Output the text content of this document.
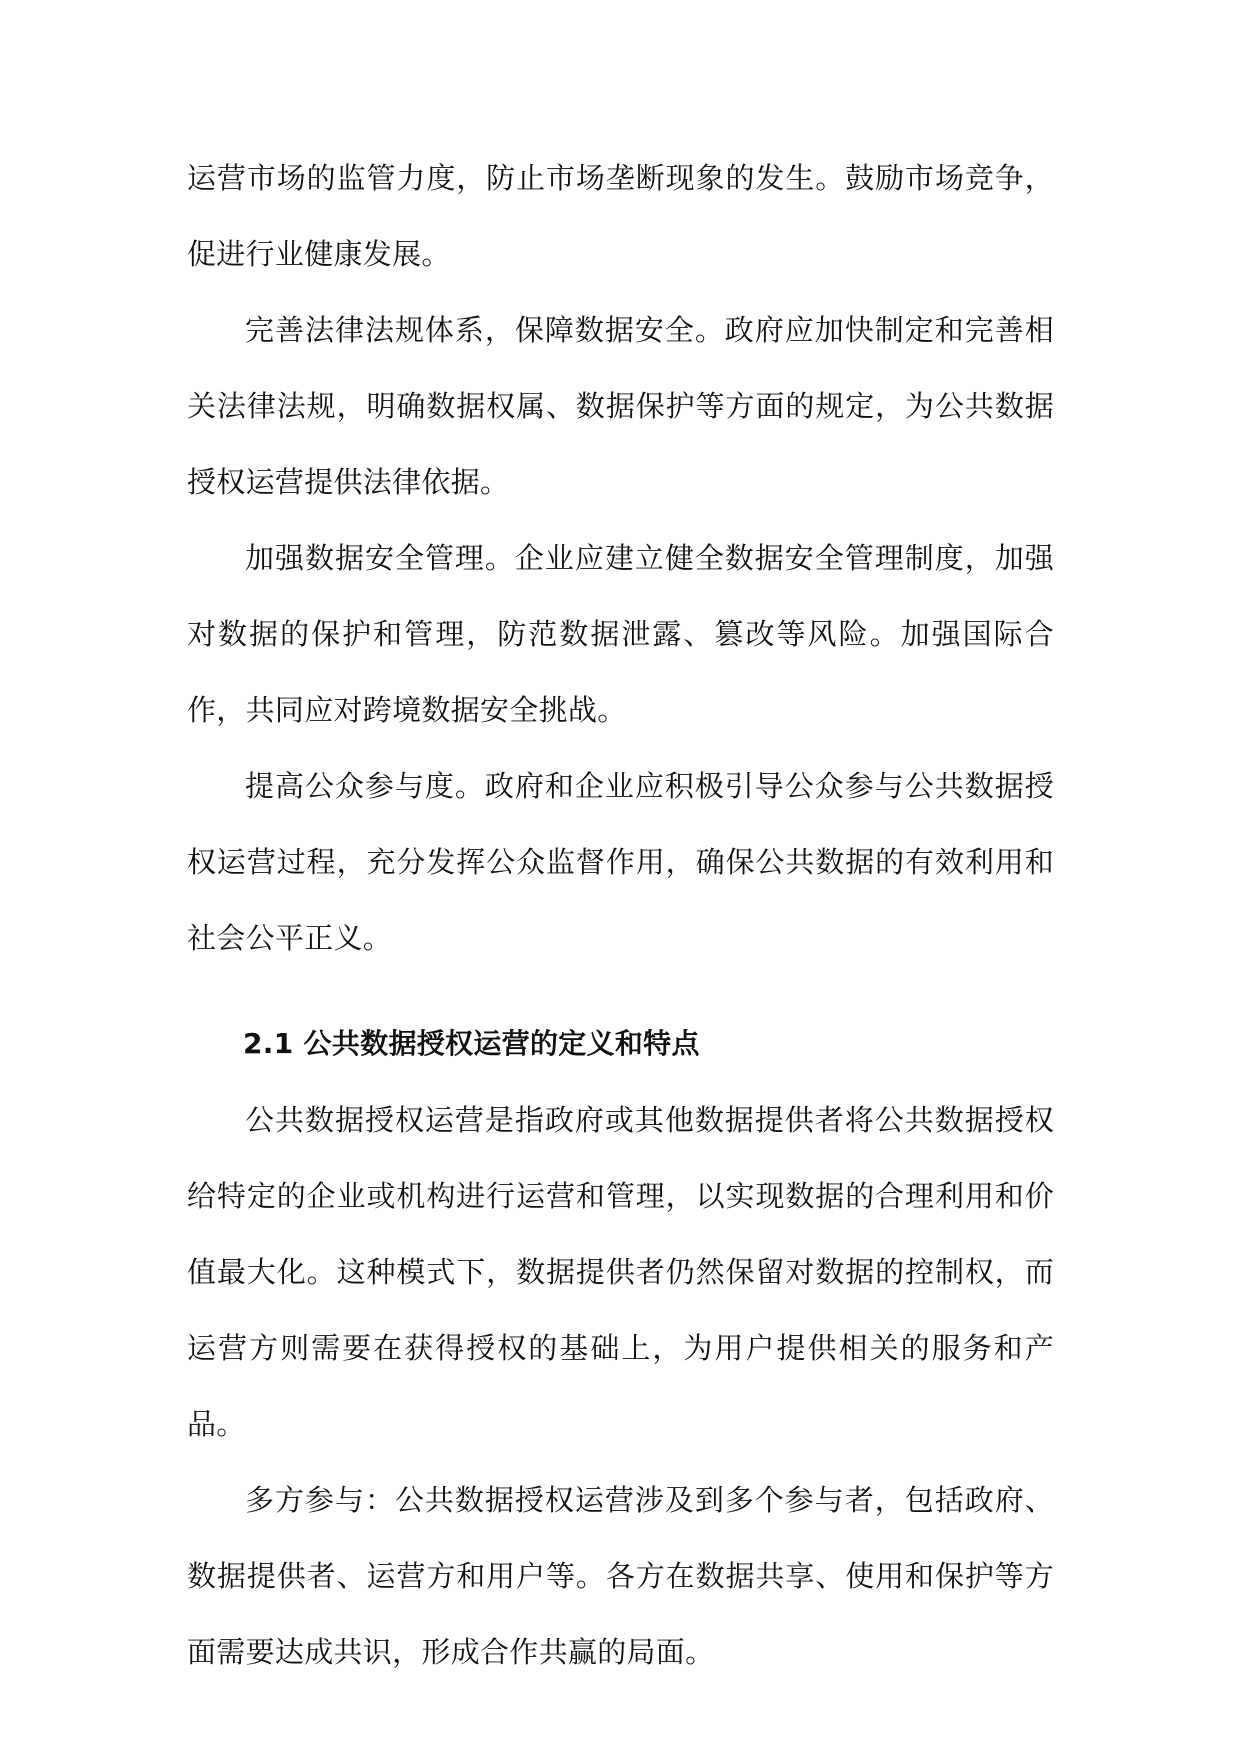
运营市场的监管力度，防止市场垄断现象的发生。鼓励市场竞争，促进行业健康发展。

完善法律法规体系，保障数据安全。政府应加快制定和完善相关法律法规，明确数据权属、数据保护等方面的规定，为公共数据授权运营提供法律依据。

加强数据安全管理。企业应建立健全数据安全管理制度，加强对数据的保护和管理，防范数据泄露、篡改等风险。加强国际合作，共同应对跨境数据安全挑战。

提高公众参与度。政府和企业应积极引导公众参与公共数据授权运营过程，充分发挥公众监督作用，确保公共数据的有效利用和社会公平正义。

2.1 公共数据授权运营的定义和特点

公共数据授权运营是指政府或其他数据提供者将公共数据授权给特定的企业或机构进行运营和管理，以实现数据的合理利用和价值最大化。这种模式下，数据提供者仍然保留对数据的控制权，而运营方则需要在获得授权的基础上，为用户提供相关的服务和产品。

多方参与：公共数据授权运营涉及到多个参与者，包括政府、数据提供者、运营方和用户等。各方在数据共享、使用和保护等方面需要达成共识，形成合作共赢的局面。
